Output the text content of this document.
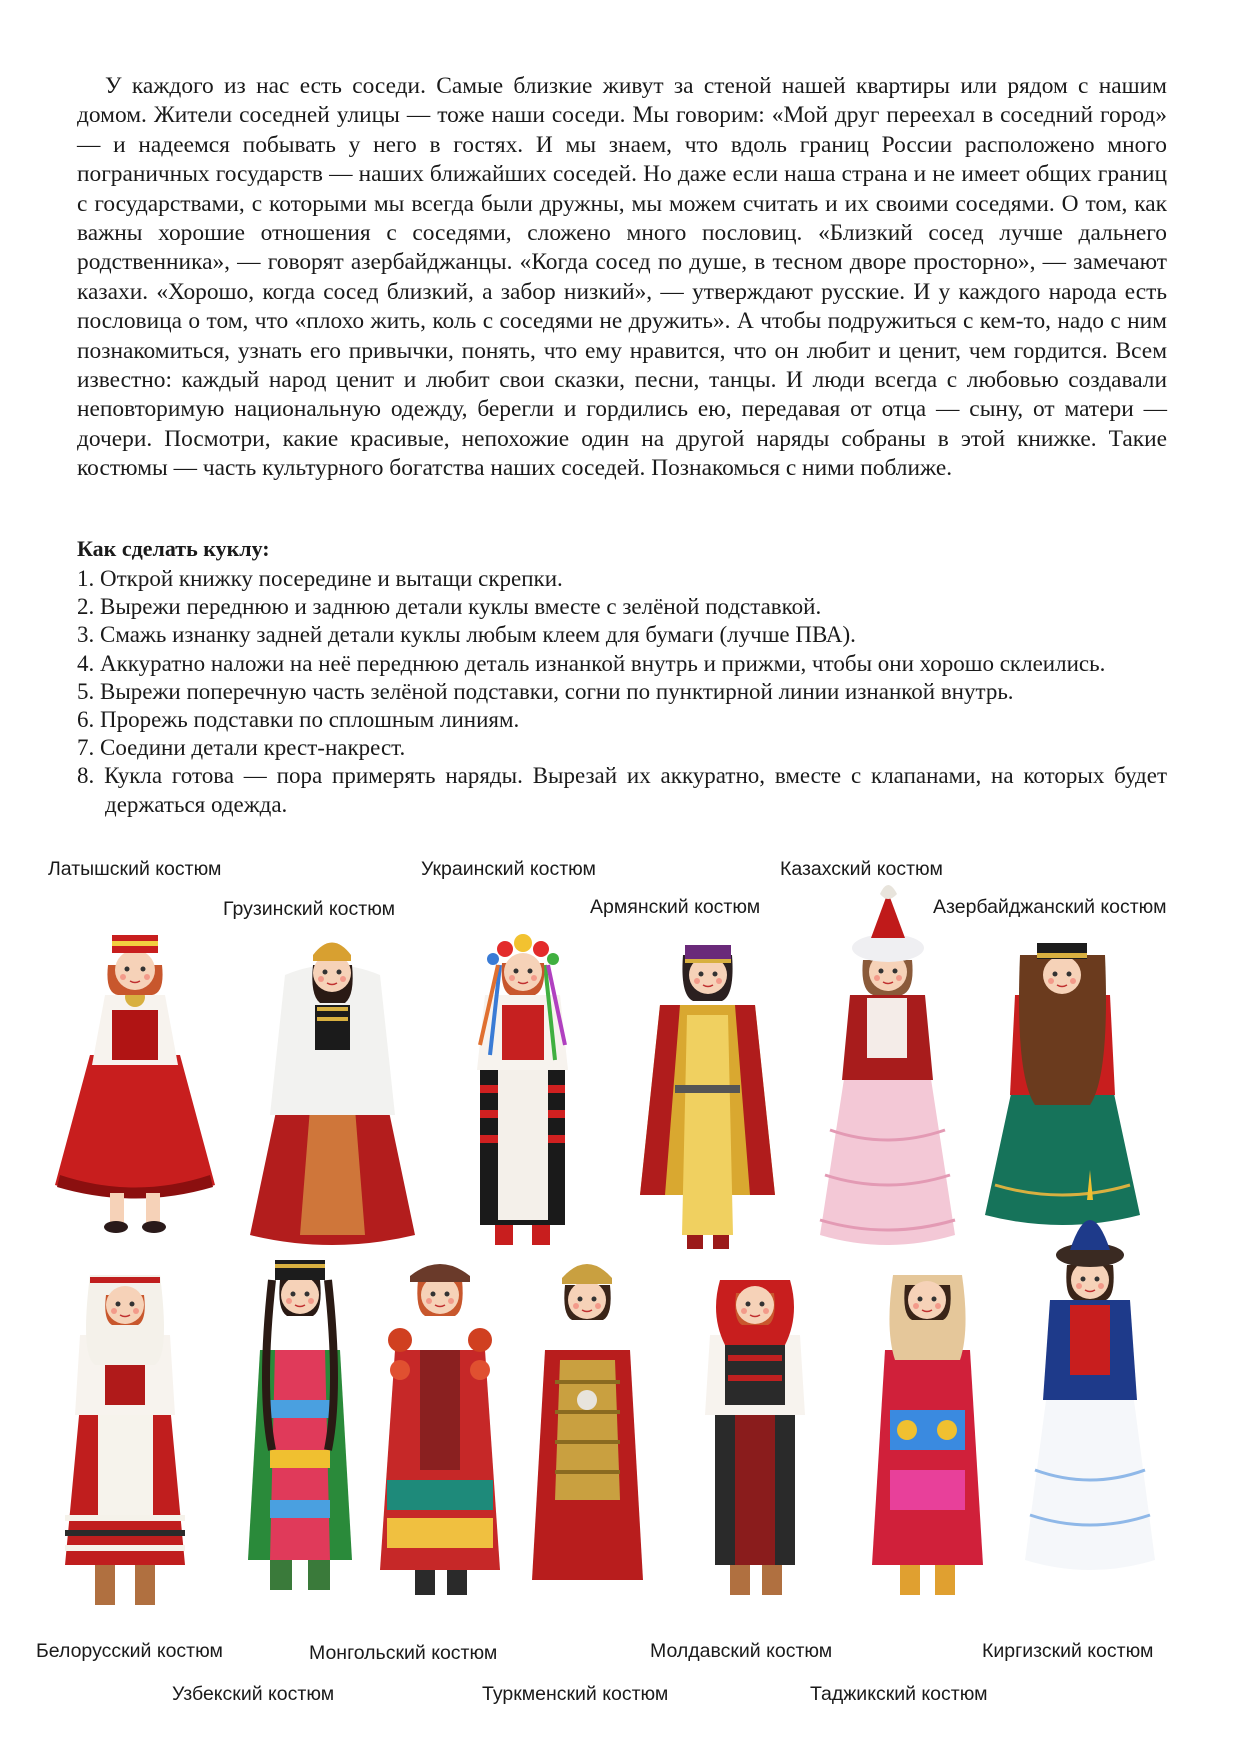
У каждого из нас есть соседи. Самые близкие живут за стеной нашей квартиры или рядом с нашим домом. Жители соседней улицы — тоже наши соседи. Мы говорим: «Мой друг переехал в соседний город» — и надеемся побывать у него в гостях. И мы знаем, что вдоль границ России расположено много пограничных государств — наших ближайших соседей. Но даже если наша страна и не имеет общих границ с государствами, с которыми мы всегда были дружны, мы можем считать и их своими соседями. О том, как важны хорошие отношения с соседями, сложено много пословиц. «Близкий сосед лучше дальнего родственника», — говорят азербайджанцы. «Когда сосед по душе, в тесном дворе просторно», — замечают казахи. «Хорошо, когда сосед близкий, а забор низкий», — утверждают русские. И у каждого народа есть пословица о том, что «плохо жить, коль с соседями не дружить». А чтобы подружиться с кем-то, надо с ним познакомиться, узнать его привычки, понять, что ему нравится, что он любит и ценит, чем гордится. Всем известно: каждый народ ценит и любит свои сказки, песни, танцы. И люди всегда с любовью создавали неповторимую национальную одежду, берегли и гордились ею, передавая от отца — сыну, от матери — дочери. Посмотри, какие красивые, непохожие один на другой наряды собраны в этой книжке. Такие костюмы — часть культурного богатства наших соседей. Познакомься с ними поближе.

Как сделать куклу:
1. Открой книжку посередине и вытащи скрепки.
2. Вырежи переднюю и заднюю детали куклы вместе с зелёной подставкой.
3. Смажь изнанку задней детали куклы любым клеем для бумаги (лучше ПВА).
4. Аккуратно наложи на неё переднюю деталь изнанкой внутрь и прижми, чтобы они хорошо склеились.
5. Вырежи поперечную часть зелёной подставки, согни по пунктирной линии изнанкой внутрь.
6. Прорежь подставки по сплошным линиям.
7. Соедини детали крест-накрест.
8. Кукла готова — пора примерять наряды. Вырезай их аккуратно, вместе с клапанами, на которых будет держаться одежда.
Латышский костюм
Грузинский костюм
Украинский костюм
Армянский костюм
Казахский костюм
Азербайджанский костюм
Белорусский костюм
Узбекский костюм
Монгольский костюм
Туркменский костюм
Молдавский костюм
Таджикский костюм
Киргизский костюм
